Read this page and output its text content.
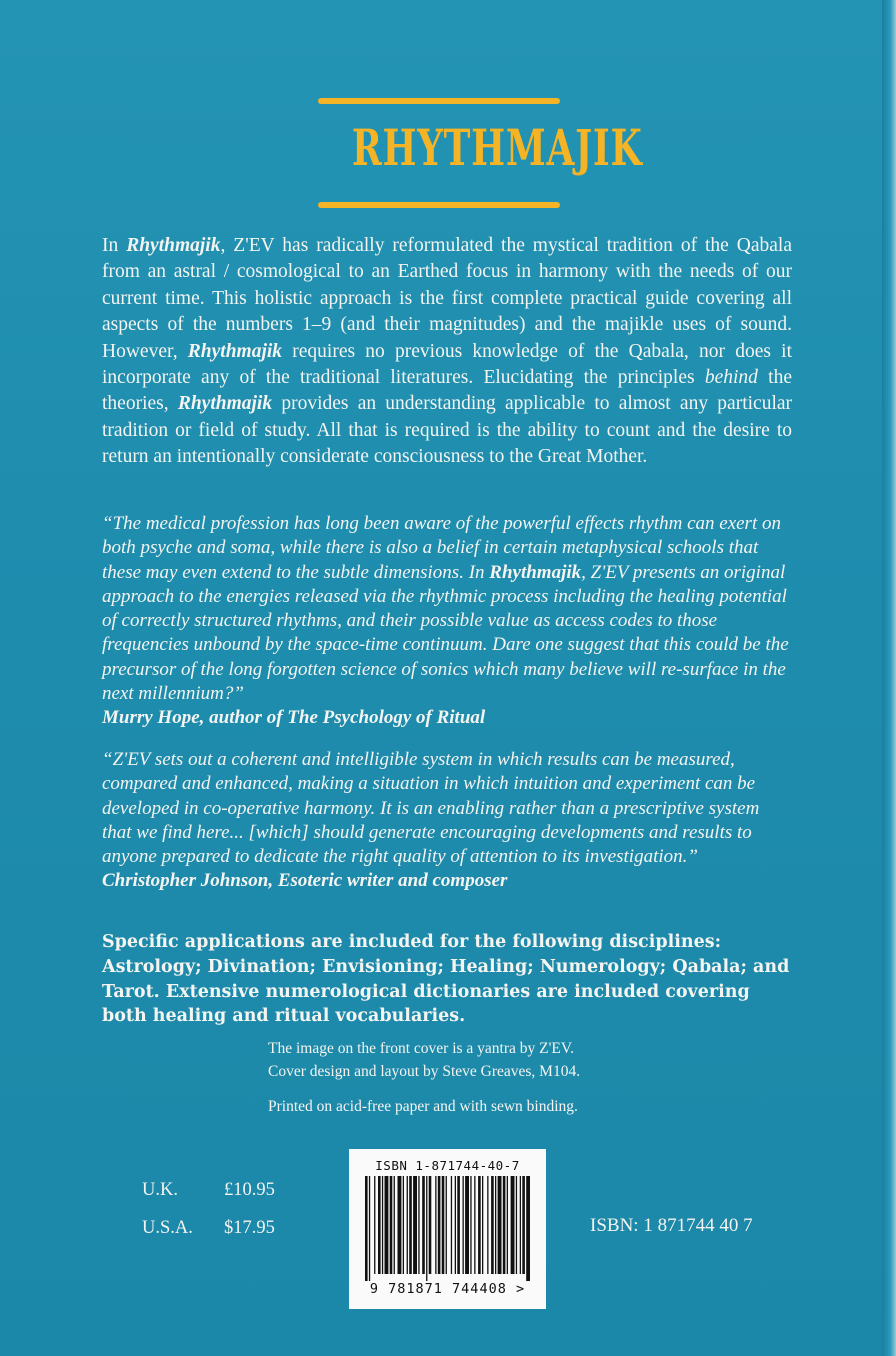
RHYTHMAJIK

In Rhythmajik, Z'EV has radically reformulated the mystical tradition of the Qabala from an astral / cosmological to an Earthed focus in harmony with the needs of our current time. This holistic approach is the first complete practical guide covering all aspects of the numbers 1–9 (and their magnitudes) and the majikle uses of sound. However, Rhythmajik requires no previous knowledge of the Qabala, nor does it incorporate any of the traditional literatures. Elucidating the principles behind the theories, Rhythmajik provides an understanding applicable to almost any particular tradition or field of study. All that is required is the ability to count and the desire to return an intentionally considerate consciousness to the Great Mother.

“The medical profession has long been aware of the powerful effects rhythm can exert on both psyche and soma, while there is also a belief in certain metaphysical schools that these may even extend to the subtle dimensions. In Rhythmajik, Z'EV presents an original approach to the energies released via the rhythmic process including the healing potential of correctly structured rhythms, and their possible value as access codes to those frequencies unbound by the space-time continuum. Dare one suggest that this could be the precursor of the long forgotten science of sonics which many believe will re-surface in the next millennium?”

Murry Hope, author of The Psychology of Ritual

“Z'EV sets out a coherent and intelligible system in which results can be measured, compared and enhanced, making a situation in which intuition and experiment can be developed in co-operative harmony. It is an enabling rather than a prescriptive system that we find here... [which] should generate encouraging developments and results to anyone prepared to dedicate the right quality of attention to its investigation.”

Christopher Johnson, Esoteric writer and composer

Specific applications are included for the following disciplines: Astrology; Divination; Envisioning; Healing; Numerology; Qabala; and Tarot. Extensive numerological dictionaries are included covering both healing and ritual vocabularies.

The image on the front cover is a yantra by Z'EV.

Cover design and layout by Steve Greaves, M104.

Printed on acid-free paper and with sewn binding.

U.K.	£10.95
U.S.A.	$17.95
ISBN 1-871744-40-7
9 781871 744408 >
ISBN: 1 871744 40 7
